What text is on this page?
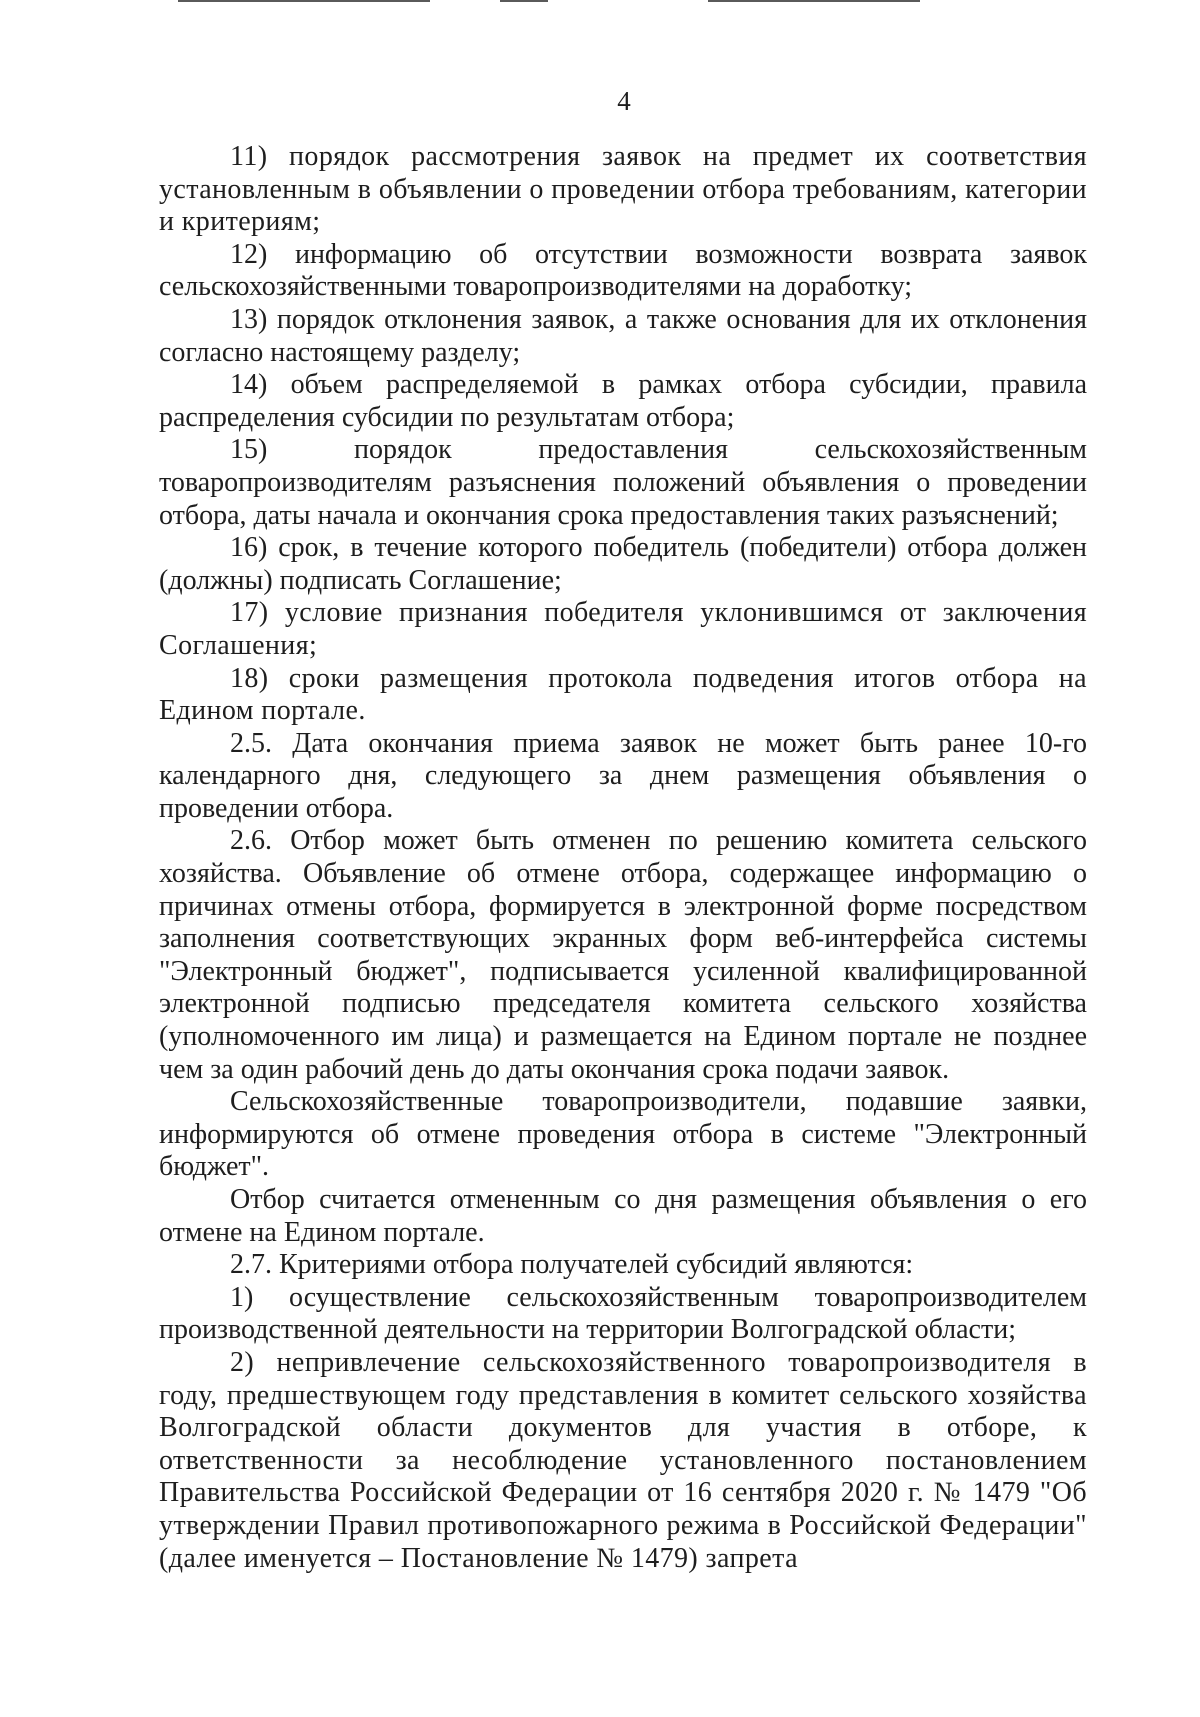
4

11) порядок рассмотрения заявок на предмет их соответствия установленным в объявлении о проведении отбора требованиям, категории и критериям;

12) информацию об отсутствии возможности возврата заявок сельскохозяйственными товаропроизводителями на доработку;

13) порядок отклонения заявок, а также основания для их отклонения согласно настоящему разделу;

14) объем распределяемой в рамках отбора субсидии, правила распределения субсидии по результатам отбора;

15) порядок предоставления сельскохозяйственным товаропроизводителям разъяснения положений объявления о проведении отбора, даты начала и окончания срока предоставления таких разъяснений;

16) срок, в течение которого победитель (победители) отбора должен (должны) подписать Соглашение;

17) условие признания победителя уклонившимся от заключения Соглашения;

18) сроки размещения протокола подведения итогов отбора на Едином портале.

2.5. Дата окончания приема заявок не может быть ранее 10-го календарного дня, следующего за днем размещения объявления о проведении отбора.

2.6. Отбор может быть отменен по решению комитета сельского хозяйства. Объявление об отмене отбора, содержащее информацию о причинах отмены отбора, формируется в электронной форме посредством заполнения соответствующих экранных форм веб-интерфейса системы "Электронный бюджет", подписывается усиленной квалифицированной электронной подписью председателя комитета сельского хозяйства (уполномоченного им лица) и размещается на Едином портале не позднее чем за один рабочий день до даты окончания срока подачи заявок.

Сельскохозяйственные товаропроизводители, подавшие заявки, информируются об отмене проведения отбора в системе "Электронный бюджет".

Отбор считается отмененным со дня размещения объявления о его отмене на Едином портале.

2.7. Критериями отбора получателей субсидий являются:

1) осуществление сельскохозяйственным товаропроизводителем производственной деятельности на территории Волгоградской области;

2) непривлечение сельскохозяйственного товаропроизводителя в году, предшествующем году представления в комитет сельского хозяйства Волгоградской области документов для участия в отборе, к ответственности за несоблюдение установленного постановлением Правительства Российской Федерации от 16 сентября 2020 г. № 1479 "Об утверждении Правил противопожарного режима в Российской Федерации" (далее именуется – Постановление № 1479) запрета
